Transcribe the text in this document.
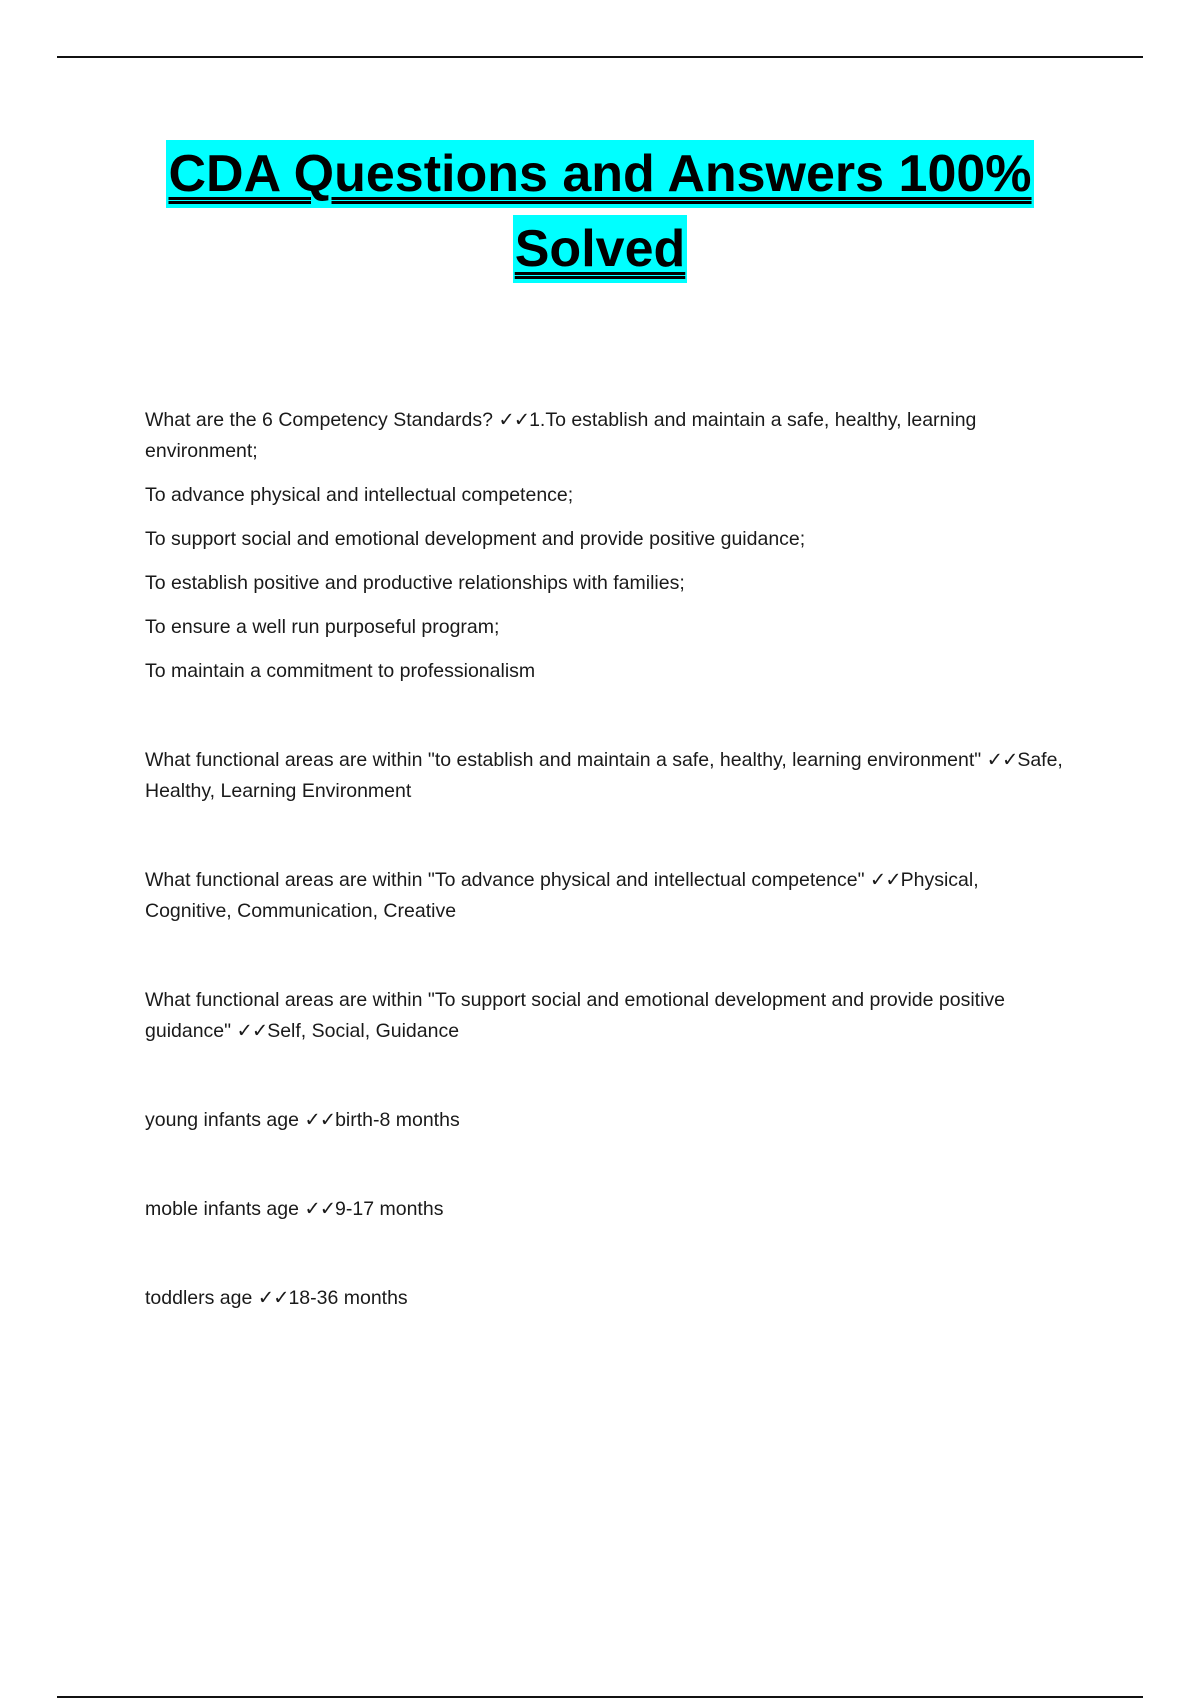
CDA Questions and Answers 100%
Solved

What are the 6 Competency Standards? ✓✓1.To establish and maintain a safe, healthy, learning environment;

To advance physical and intellectual competence;

To support social and emotional development and provide positive guidance;

To establish positive and productive relationships with families;

To ensure a well run purposeful program;

To maintain a commitment to professionalism

What functional areas are within "to establish and maintain a safe, healthy, learning environment" ✓✓Safe, Healthy, Learning Environment

What functional areas are within "To advance physical and intellectual competence" ✓✓Physical, Cognitive, Communication, Creative

What functional areas are within "To support social and emotional development and provide positive guidance" ✓✓Self, Social, Guidance

young infants age ✓✓birth-8 months

moble infants age ✓✓9-17 months

toddlers age ✓✓18-36 months
